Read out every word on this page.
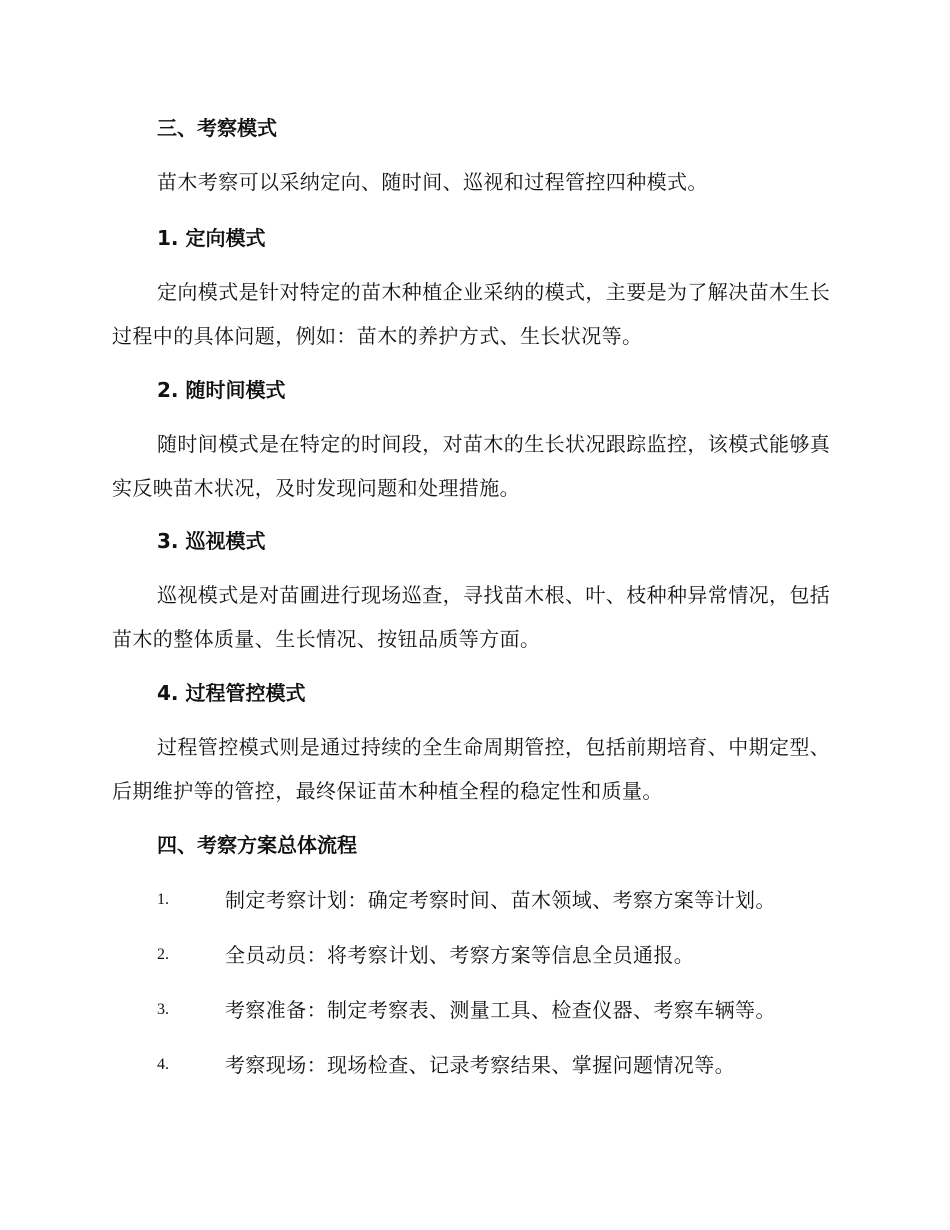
三、考察模式
苗木考察可以采纳定向、随时间、巡视和过程管控四种模式。
1. 定向模式
定向模式是针对特定的苗木种植企业采纳的模式，主要是为了解决苗木生长过程中的具体问题，例如：苗木的养护方式、生长状况等。
2. 随时间模式
随时间模式是在特定的时间段，对苗木的生长状况跟踪监控，该模式能够真实反映苗木状况，及时发现问题和处理措施。
3. 巡视模式
巡视模式是对苗圃进行现场巡查，寻找苗木根、叶、枝种种异常情况，包括苗木的整体质量、生长情况、按钮品质等方面。
4. 过程管控模式
过程管控模式则是通过持续的全生命周期管控，包括前期培育、中期定型、后期维护等的管控，最终保证苗木种植全程的稳定性和质量。
四、考察方案总体流程
1.	制定考察计划：确定考察时间、苗木领域、考察方案等计划。
2.	全员动员：将考察计划、考察方案等信息全员通报。
3.	考察准备：制定考察表、测量工具、检查仪器、考察车辆等。
4.	考察现场：现场检查、记录考察结果、掌握问题情况等。
